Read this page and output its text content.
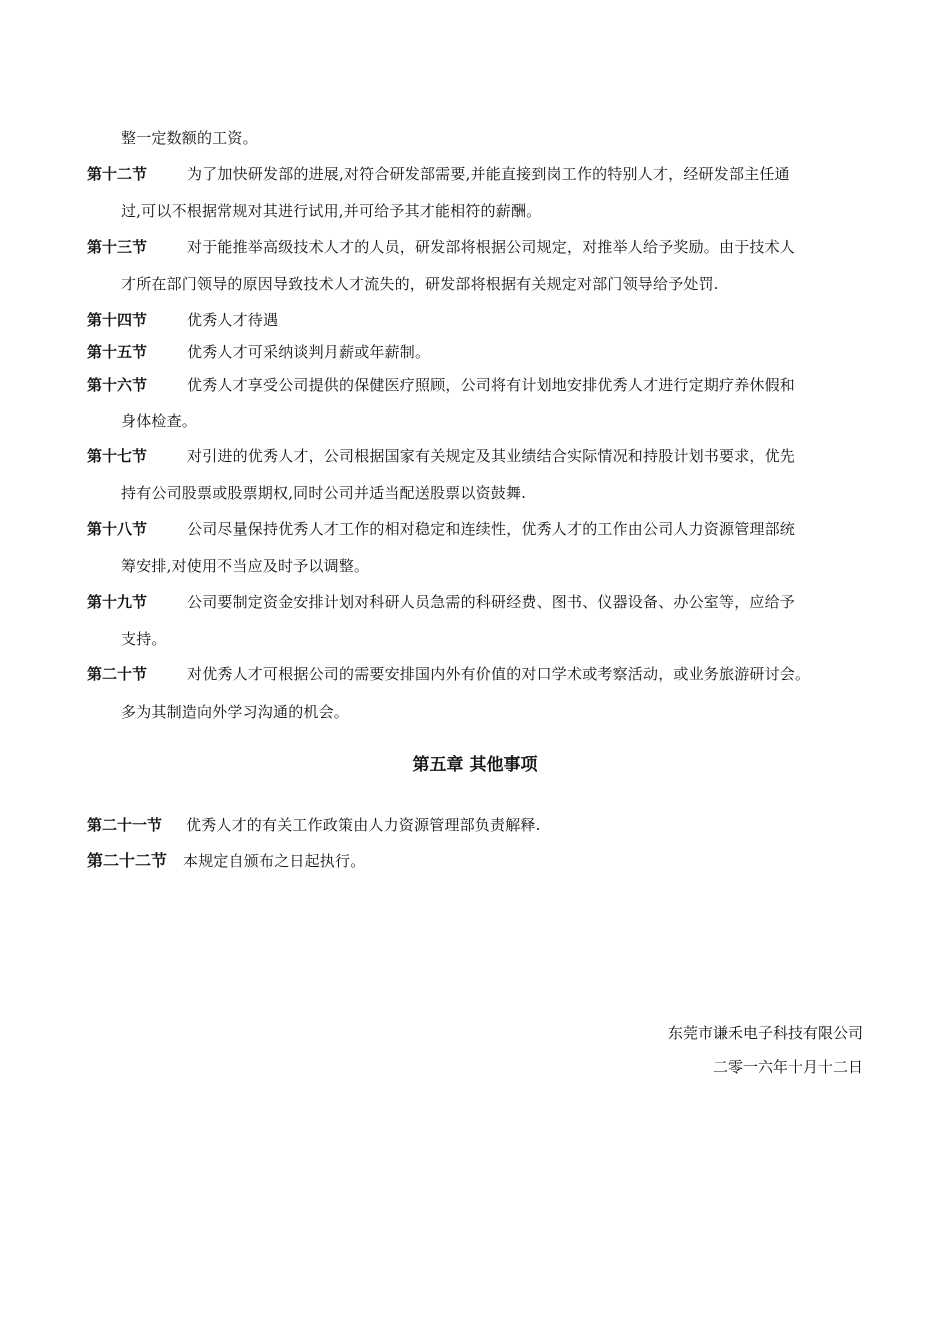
整一定数额的工资。
第十二节	为了加快研发部的进展,对符合研发部需要,并能直接到岗工作的特别人才，经研发部主任通
过,可以不根据常规对其进行试用,并可给予其才能相符的薪酬。
第十三节	对于能推举高级技术人才的人员，研发部将根据公司规定，对推举人给予奖励。由于技术人
才所在部门领导的原因导致技术人才流失的，研发部将根据有关规定对部门领导给予处罚.
第十四节	优秀人才待遇
第十五节	优秀人才可采纳谈判月薪或年薪制。
第十六节	优秀人才享受公司提供的保健医疗照顾，公司将有计划地安排优秀人才进行定期疗养休假和
身体检查。
第十七节	对引进的优秀人才，公司根据国家有关规定及其业绩结合实际情况和持股计划书要求，优先
持有公司股票或股票期权,同时公司并适当配送股票以资鼓舞.
第十八节	公司尽量保持优秀人才工作的相对稳定和连续性，优秀人才的工作由公司人力资源管理部统
筹安排,对使用不当应及时予以调整。
第十九节	公司要制定资金安排计划对科研人员急需的科研经费、图书、仪器设备、办公室等，应给予
支持。
第二十节	对优秀人才可根据公司的需要安排国内外有价值的对口学术或考察活动，或业务旅游研讨会。
多为其制造向外学习沟通的机会。
第五章 其他事项
第二十一节 优秀人才的有关工作政策由人力资源管理部负责解释.
第二十二节 本规定自颁布之日起执行。
东莞市谦禾电子科技有限公司
二零一六年十月十二日
